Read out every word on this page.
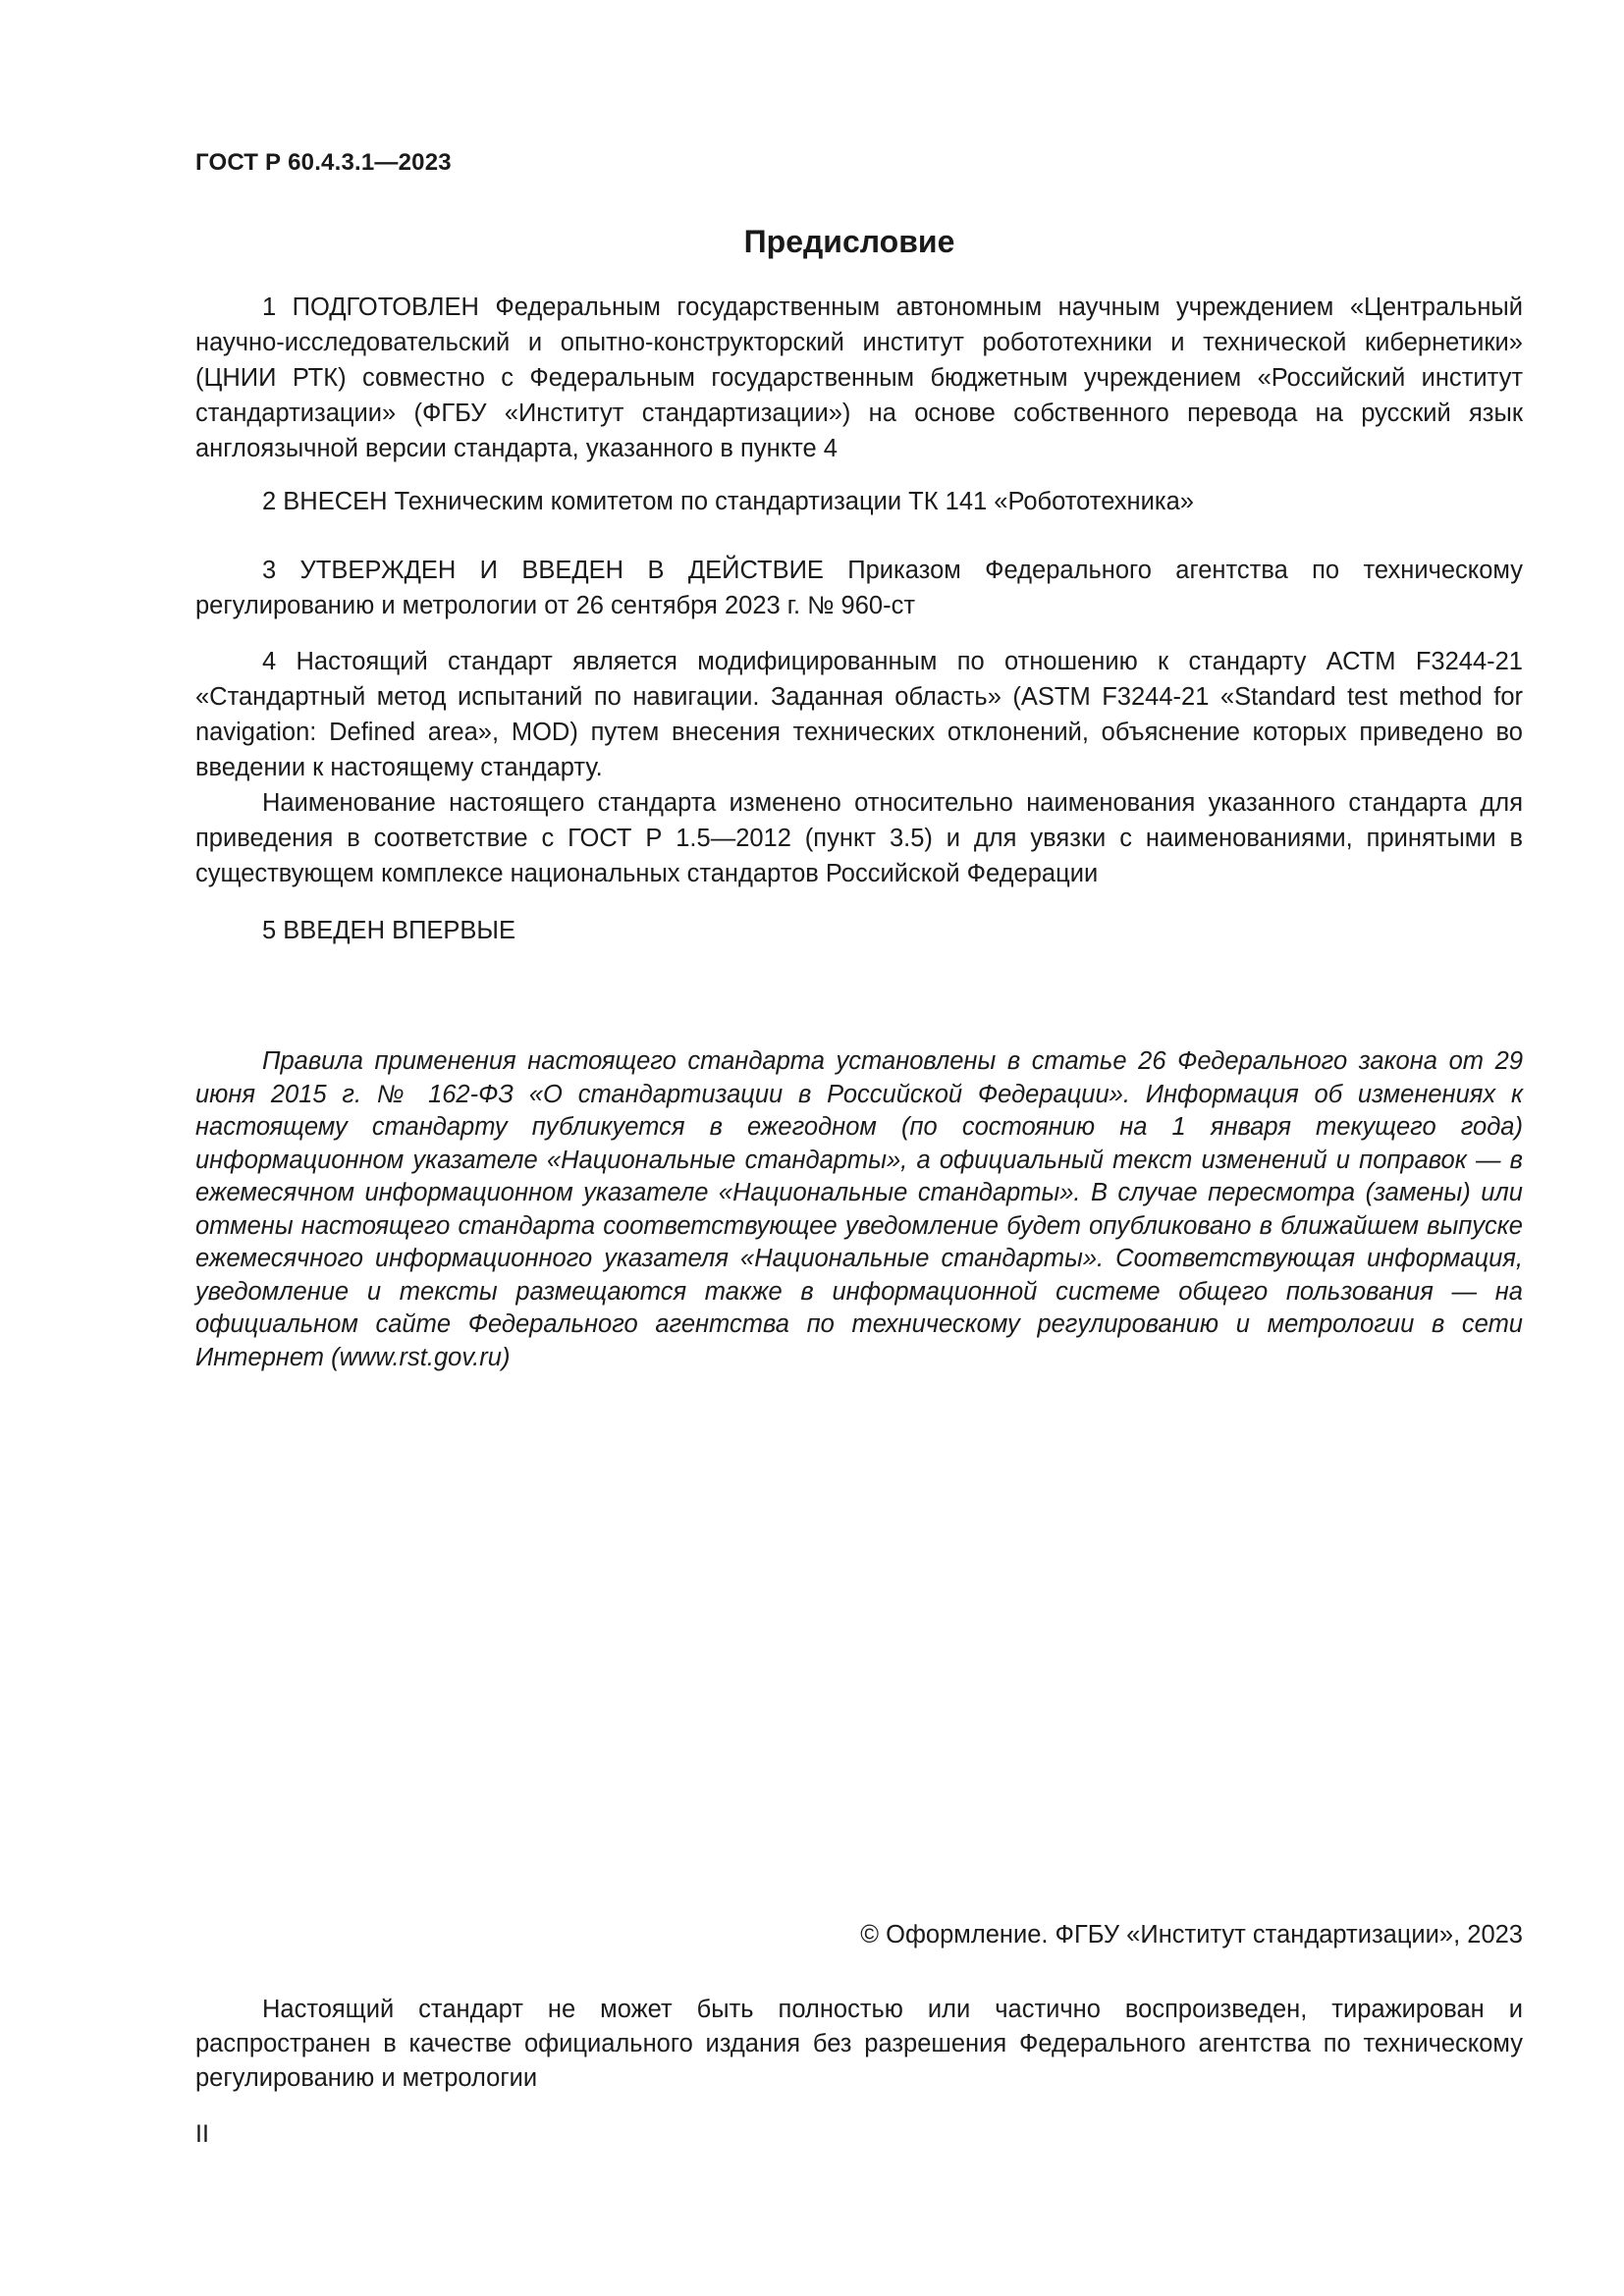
ГОСТ Р 60.4.3.1—2023
Предисловие

1 ПОДГОТОВЛЕН Федеральным государственным автономным научным учреждением «Центральный научно-исследовательский и опытно-конструкторский институт робототехники и технической кибернетики» (ЦНИИ РТК) совместно с Федеральным государственным бюджетным учреждением «Российский институт стандартизации» (ФГБУ «Институт стандартизации») на основе собственного перевода на русский язык англоязычной версии стандарта, указанного в пункте 4

2 ВНЕСЕН Техническим комитетом по стандартизации ТК 141 «Робототехника»

3 УТВЕРЖДЕН И ВВЕДЕН В ДЕЙСТВИЕ Приказом Федерального агентства по техническому регулированию и метрологии от 26 сентября 2023 г. № 960-ст

4 Настоящий стандарт является модифицированным по отношению к стандарту АСТМ F3244-21 «Стандартный метод испытаний по навигации. Заданная область» (ASTM F3244-21 «Standard test method for navigation: Defined area», MOD) путем внесения технических отклонений, объяснение которых приведено во введении к настоящему стандарту.

Наименование настоящего стандарта изменено относительно наименования указанного стандарта для приведения в соответствие с ГОСТ Р 1.5—2012 (пункт 3.5) и для увязки с наименованиями, принятыми в существующем комплексе национальных стандартов Российской Федерации

5 ВВЕДЕН ВПЕРВЫЕ

Правила применения настоящего стандарта установлены в статье 26 Федерального закона от 29 июня 2015 г. № 162-ФЗ «О стандартизации в Российской Федерации». Информация об изменениях к настоящему стандарту публикуется в ежегодном (по состоянию на 1 января текущего года) информационном указателе «Национальные стандарты», а официальный текст изменений и поправок — в ежемесячном информационном указателе «Национальные стандарты». В случае пересмотра (замены) или отмены настоящего стандарта соответствующее уведомление будет опубликовано в ближайшем выпуске ежемесячного информационного указателя «Национальные стандарты». Соответствующая информация, уведомление и тексты размещаются также в информационной системе общего пользования — на официальном сайте Федерального агентства по техническому регулированию и метрологии в сети Интернет (www.rst.gov.ru)

© Оформление. ФГБУ «Институт стандартизации», 2023

Настоящий стандарт не может быть полностью или частично воспроизведен, тиражирован и распространен в качестве официального издания без разрешения Федерального агентства по техническому регулированию и метрологии

II
